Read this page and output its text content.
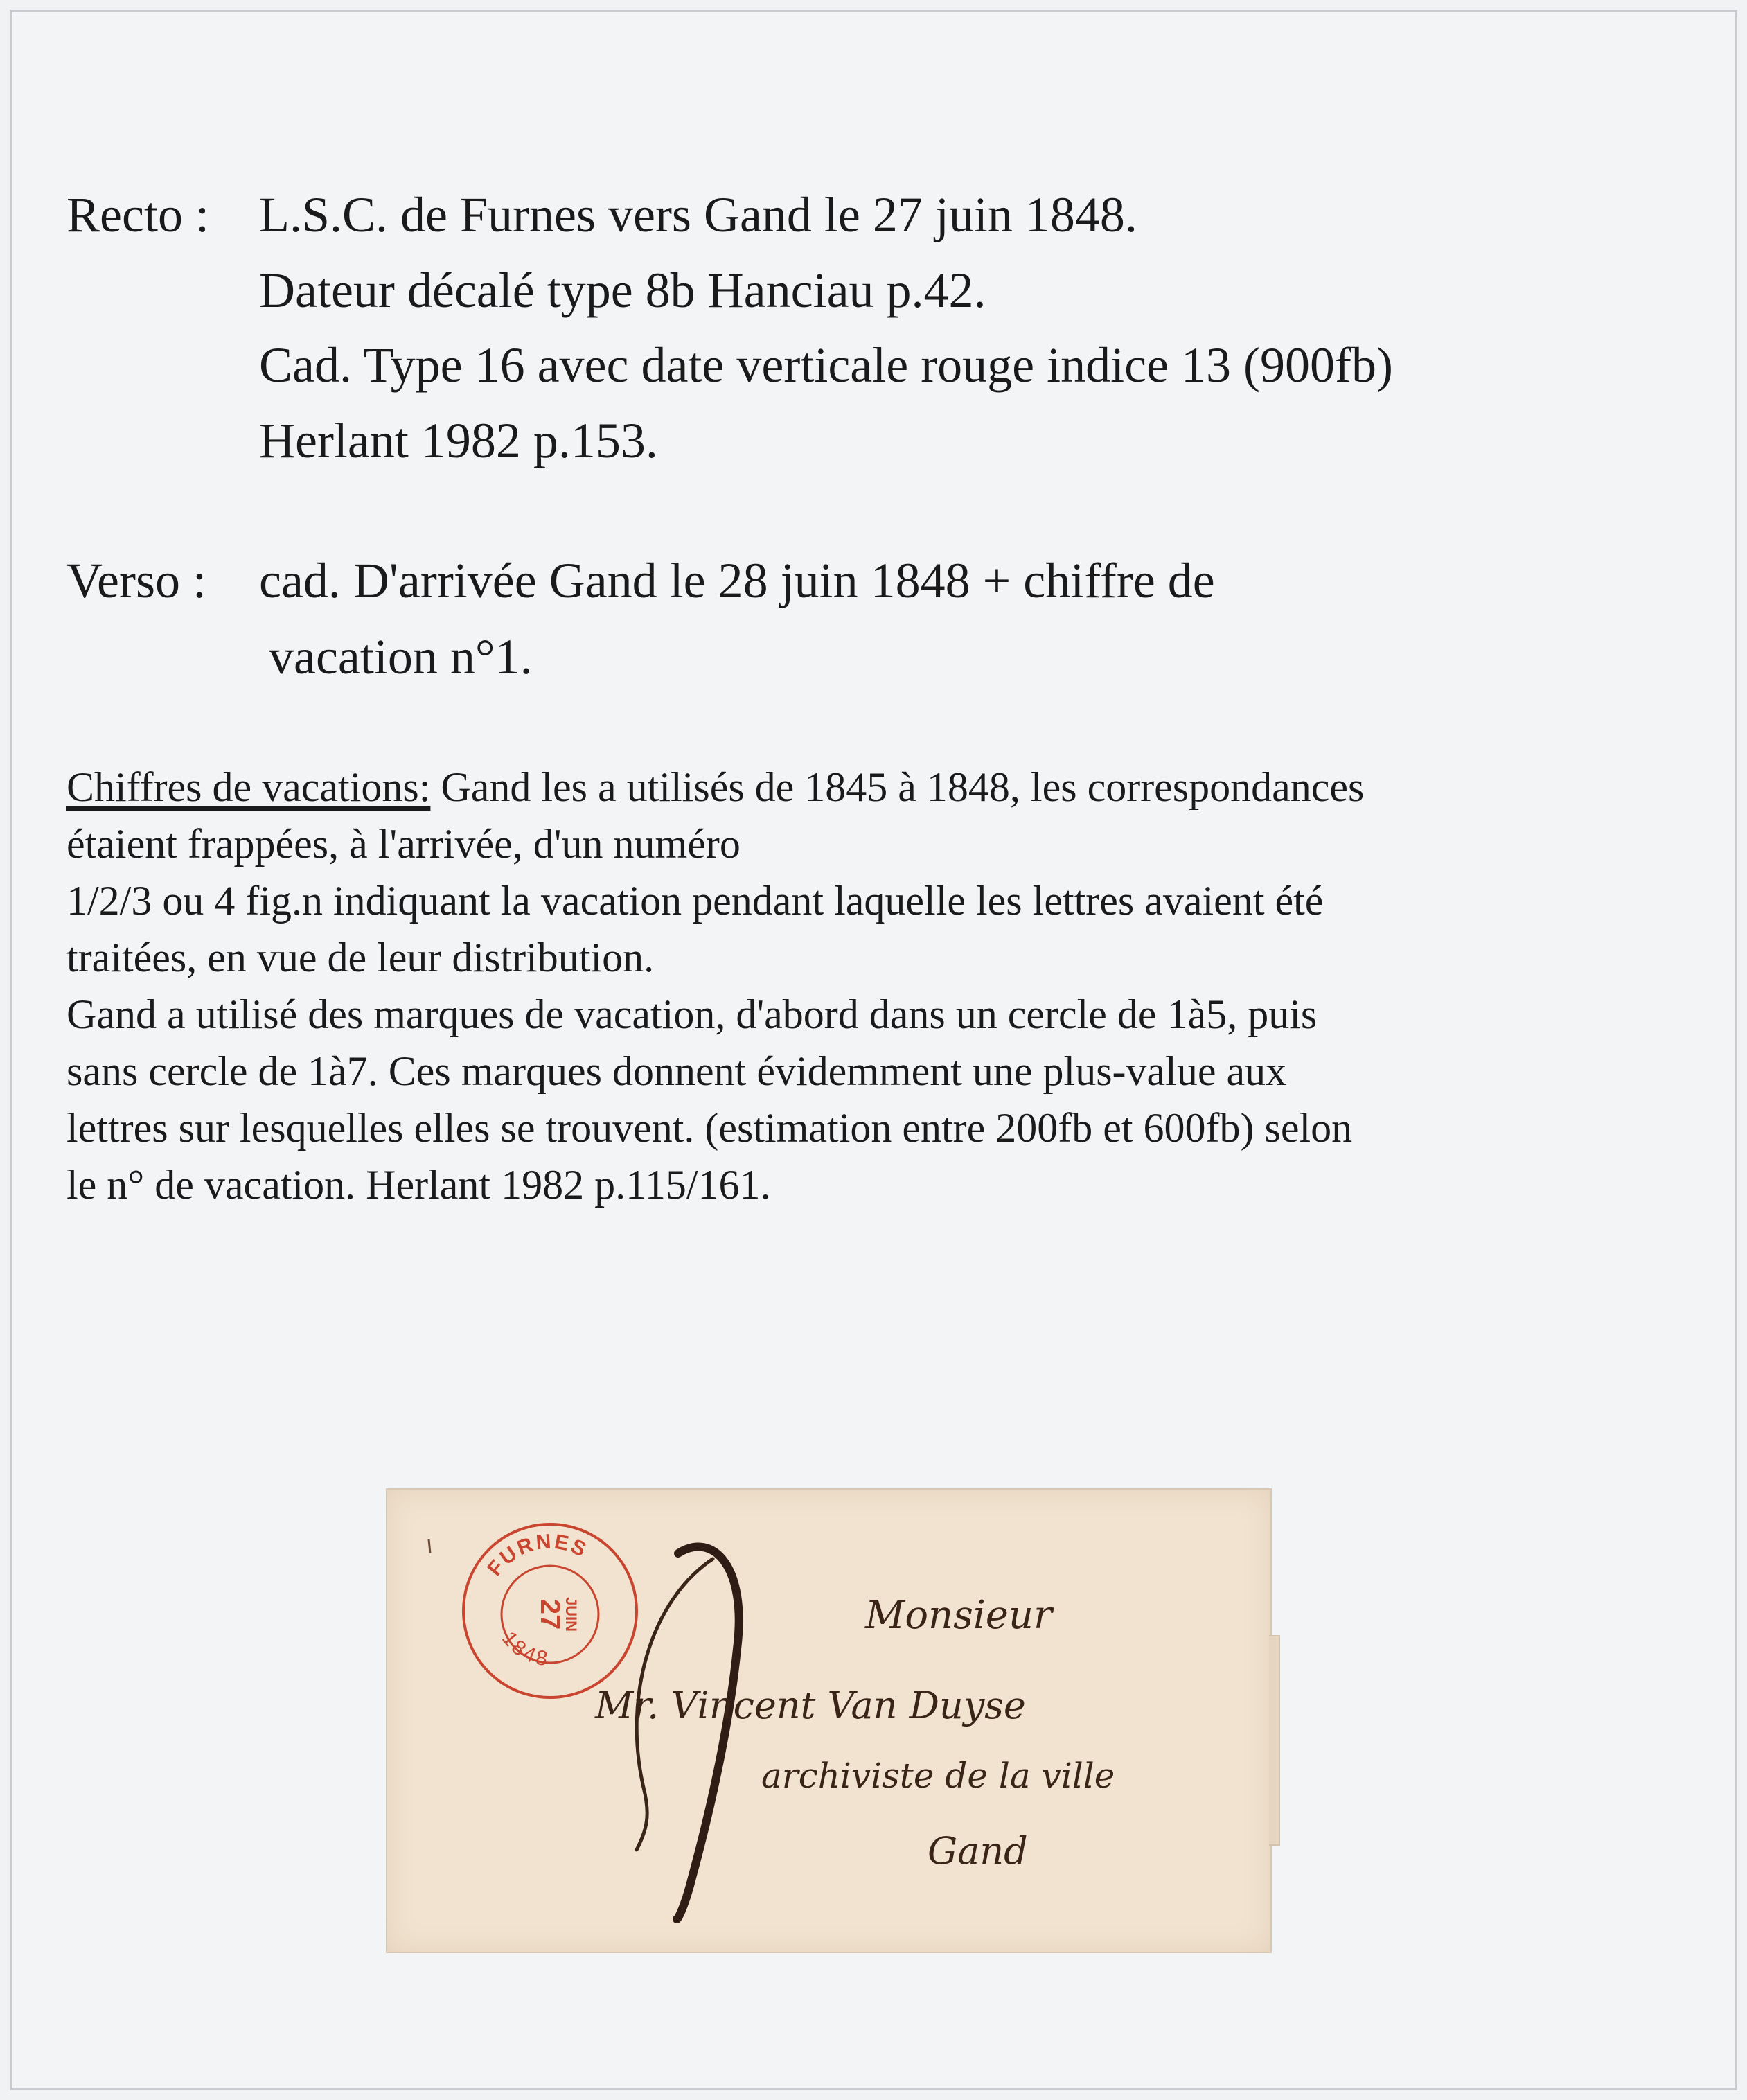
Recto : L.S.C. de Furnes vers Gand le 27 juin 1848.
Dateur décalé type 8b Hanciau p.42.
Cad. Type 16 avec date verticale rouge indice 13 (900fb)
Herlant 1982 p.153.
Verso : cad. D'arrivée Gand le 28 juin 1848 + chiffre de
vacation n°1.
Chiffres de vacations: Gand les a utilisés de 1845 à 1848, les correspondances
étaient frappées, à l'arrivée, d'un numéro
1/2/3 ou 4 fig.n indiquant la vacation pendant laquelle les lettres avaient été
traitées, en vue de leur distribution.
Gand a utilisé des marques de vacation, d'abord dans un cercle de 1à5, puis
sans cercle de 1à7. Ces marques donnent évidemment une plus-value aux
lettres sur lesquelles elles se trouvent. (estimation entre 200fb et 600fb) selon
le n° de vacation. Herlant 1982 p.115/161.
FURNES
1848
27
JUIN	Monsieur
Mr. Vincent Van Duyse
archiviste de la ville
Gand
